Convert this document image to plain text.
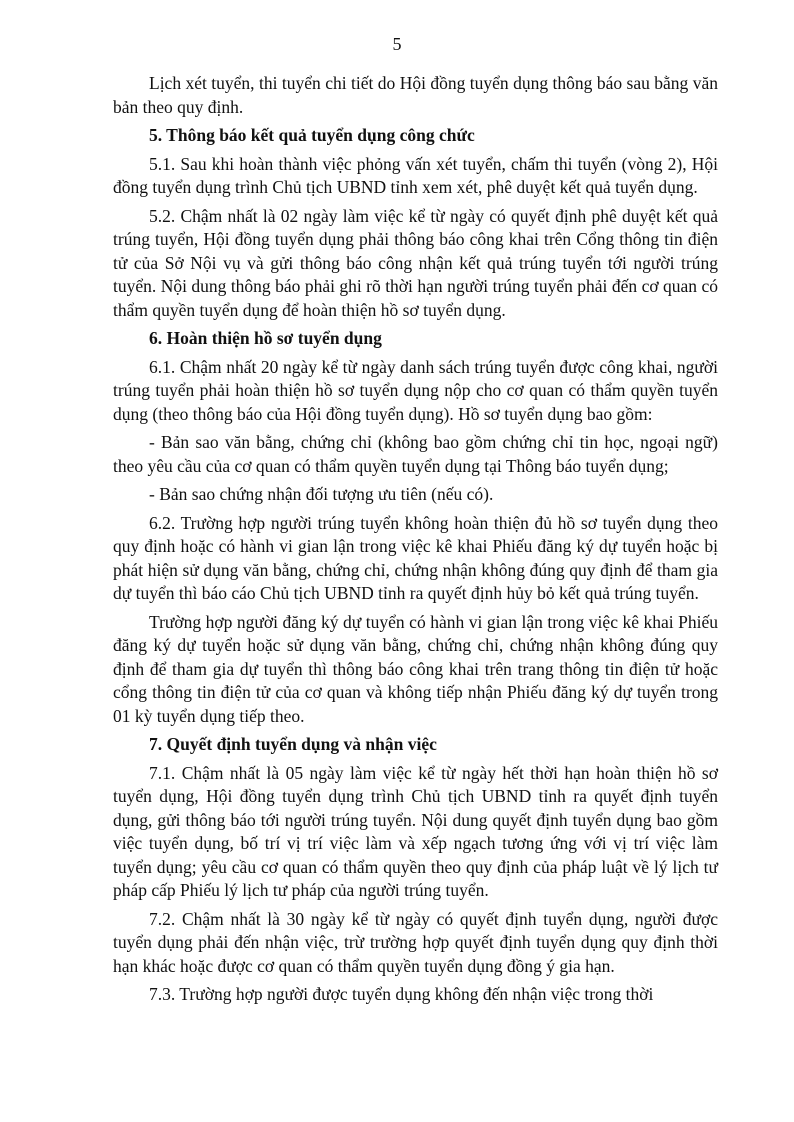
5

Lịch xét tuyển, thi tuyển chi tiết do Hội đồng tuyển dụng thông báo sau bằng văn bản theo quy định.

5. Thông báo kết quả tuyển dụng công chức

5.1. Sau khi hoàn thành việc phỏng vấn xét tuyển, chấm thi tuyển (vòng 2), Hội đồng tuyển dụng trình Chủ tịch UBND tỉnh xem xét, phê duyệt kết quả tuyển dụng.

5.2. Chậm nhất là 02 ngày làm việc kể từ ngày có quyết định phê duyệt kết quả trúng tuyển, Hội đồng tuyển dụng phải thông báo công khai trên Cổng thông tin điện tử của Sở Nội vụ và gửi thông báo công nhận kết quả trúng tuyển tới người trúng tuyển. Nội dung thông báo phải ghi rõ thời hạn người trúng tuyển phải đến cơ quan có thẩm quyền tuyển dụng để hoàn thiện hồ sơ tuyển dụng.

6. Hoàn thiện hồ sơ tuyển dụng

6.1. Chậm nhất 20 ngày kể từ ngày danh sách trúng tuyển được công khai, người trúng tuyển phải hoàn thiện hồ sơ tuyển dụng nộp cho cơ quan có thẩm quyền tuyển dụng (theo thông báo của Hội đồng tuyển dụng). Hồ sơ tuyển dụng bao gồm:

- Bản sao văn bằng, chứng chỉ (không bao gồm chứng chỉ tin học, ngoại ngữ) theo yêu cầu của cơ quan có thẩm quyền tuyển dụng tại Thông báo tuyển dụng;

- Bản sao chứng nhận đối tượng ưu tiên (nếu có).

6.2. Trường hợp người trúng tuyển không hoàn thiện đủ hồ sơ tuyển dụng theo quy định hoặc có hành vi gian lận trong việc kê khai Phiếu đăng ký dự tuyển hoặc bị phát hiện sử dụng văn bằng, chứng chỉ, chứng nhận không đúng quy định để tham gia dự tuyển thì báo cáo Chủ tịch UBND tỉnh ra quyết định hủy bỏ kết quả trúng tuyển.

Trường hợp người đăng ký dự tuyển có hành vi gian lận trong việc kê khai Phiếu đăng ký dự tuyển hoặc sử dụng văn bằng, chứng chỉ, chứng nhận không đúng quy định để tham gia dự tuyển thì thông báo công khai trên trang thông tin điện tử hoặc cổng thông tin điện tử của cơ quan và không tiếp nhận Phiếu đăng ký dự tuyển trong 01 kỳ tuyển dụng tiếp theo.

7. Quyết định tuyển dụng và nhận việc

7.1. Chậm nhất là 05 ngày làm việc kể từ ngày hết thời hạn hoàn thiện hồ sơ tuyển dụng, Hội đồng tuyển dụng trình Chủ tịch UBND tỉnh ra quyết định tuyển dụng, gửi thông báo tới người trúng tuyển. Nội dung quyết định tuyển dụng bao gồm việc tuyển dụng, bố trí vị trí việc làm và xếp ngạch tương ứng với vị trí việc làm tuyển dụng; yêu cầu cơ quan có thẩm quyền theo quy định của pháp luật về lý lịch tư pháp cấp Phiếu lý lịch tư pháp của người trúng tuyển.

7.2. Chậm nhất là 30 ngày kể từ ngày có quyết định tuyển dụng, người được tuyển dụng phải đến nhận việc, trừ trường hợp quyết định tuyển dụng quy định thời hạn khác hoặc được cơ quan có thẩm quyền tuyển dụng đồng ý gia hạn.

7.3. Trường hợp người được tuyển dụng không đến nhận việc trong thời
